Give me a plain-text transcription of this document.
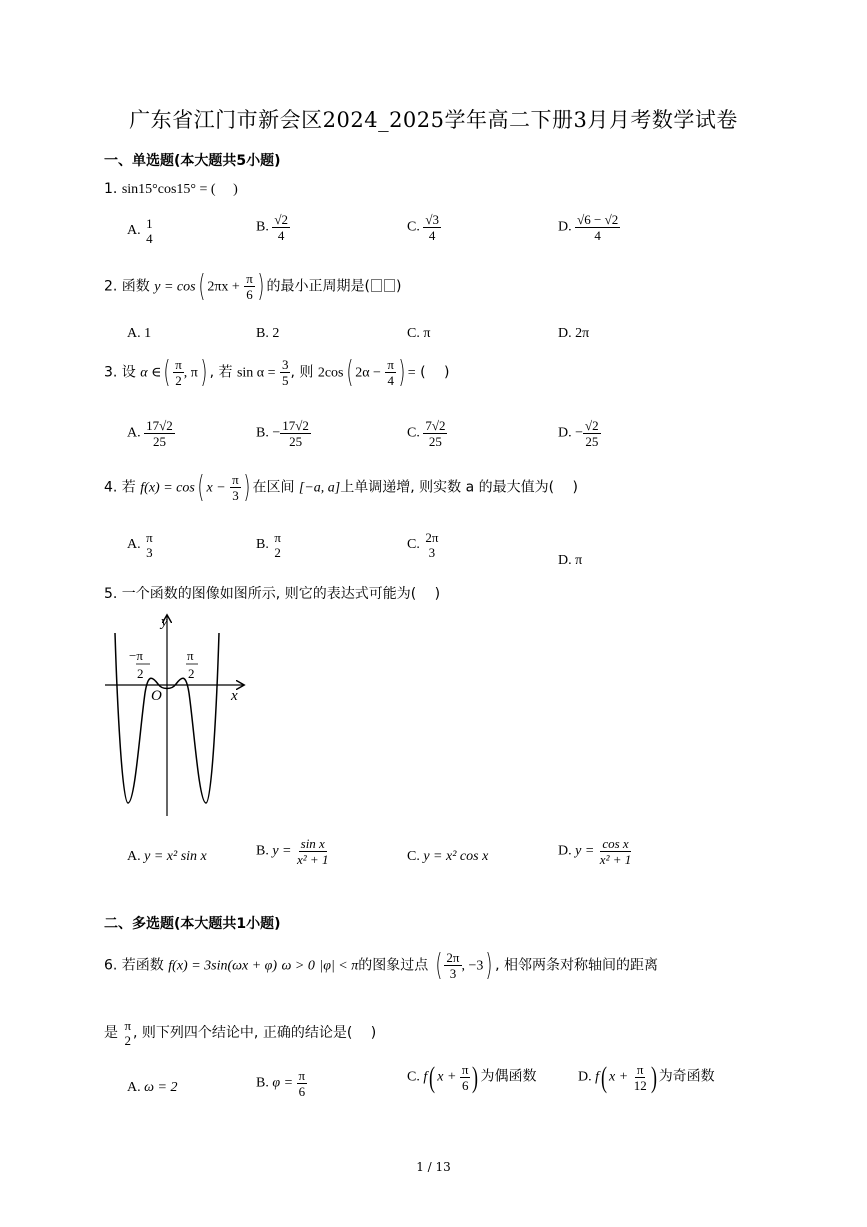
广东省江门市新会区2024_2025学年高二下册3月月考数学试卷
一、单选题(本大题共5小题)
1. sin15°cos15° = (　 )
A. 1
4
B. $\frac{√2}{4}$	C. $\frac{√3}{4}$	D. $\frac{√6 - √2}{4}$
2. 函数 y = cos( $2\pi x + \frac{\pi}{6}$ ) 的最小正周期是( )
A. 1	B. 2	C. π	D. 2π
3. 设 α ∈( $\frac{\pi}{2}$ , π) , 若 $\sin \alpha = \frac{3}{5}$ , 则 2cos( $2\alpha - \frac{\pi}{4}$ ) = (　 )
A. $\frac{17√2}{25}$	B. − $\frac{17√2}{25}$	C. $\frac{7√2}{25}$	D. − $\frac{√2}{25}$
4. 若 f(x) = cos( $x - \frac{\pi}{3}$ ) 在区间 [−a, a]上单调递增, 则实数 a 的最大值为(　 )
A. π
3
B. π
2
C. 2π
3
D. π
5. 一个函数的图像如图所示, 则它的表达式可能为(　 )
y
x
O
−π
2
π
2
A. y = x² sin x	B. $y = \frac{\text{sin x}}{\text{x² + 1}}$	C. y = x² cos x	D. $y = \frac{\text{cos x}}{\text{x² + 1}}$
二、多选题(本大题共1小题)
6. 若函数 f(x) = 3sin(ωx + φ) ω > 0 |φ| < π的图象过点 ( $\frac{2\pi}{3}$ , −3) , 相邻两条对称轴间的距离
是 π
2 , 则下列四个结论中, 正确的结论是(　 )
A. ω = 2	B. $\varphi = \frac{\pi}{6}$	C. f( $x + \frac{\pi}{6}$ ) 为偶函数	D. f( $x + \frac{\pi}{12}$ ) 为奇函数
1 / 13
